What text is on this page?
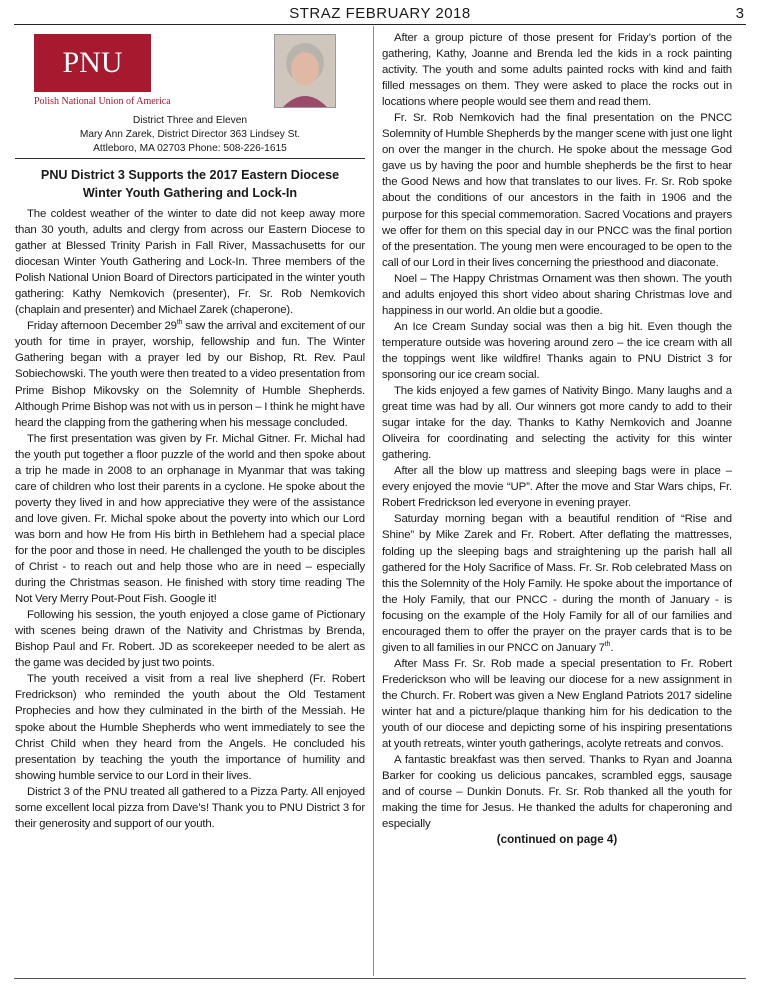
STRAZ FEBRUARY 2018	3
PNU
Polish National Union of America
District Three and Eleven
Mary Ann Zarek, District Director 363 Lindsey St.
Attleboro, MA 02703 Phone: 508-226-1615
PNU District 3 Supports the 2017 Eastern Diocese
Winter Youth Gathering and Lock-In

The coldest weather of the winter to date did not keep away more than 30 youth, adults and clergy from across our Eastern Diocese to gather at Blessed Trinity Parish in Fall River, Massachusetts for our diocesan Winter Youth Gathering and Lock-In. Three members of the Polish National Union Board of Directors participated in the winter youth gathering: Kathy Nemkovich (presenter), Fr. Sr. Rob Nemkovich (chaplain and presenter) and Michael Zarek (chaperone).

Friday afternoon December 29th saw the arrival and excitement of our youth for time in prayer, worship, fellowship and fun. The Winter Gathering began with a prayer led by our Bishop, Rt. Rev. Paul Sobiechowski. The youth were then treated to a video presentation from Prime Bishop Mikovsky on the Solemnity of Humble Shepherds. Although Prime Bishop was not with us in person – I think he might have heard the clapping from the gathering when his message concluded.

The first presentation was given by Fr. Michal Gitner. Fr. Michal had the youth put together a floor puzzle of the world and then spoke about a trip he made in 2008 to an orphanage in Myanmar that was taking care of children who lost their parents in a cyclone. He spoke about the poverty they lived in and how appreciative they were of the assistance and love given. Fr. Michal spoke about the poverty into which our Lord was born and how He from His birth in Bethlehem had a special place for the poor and those in need. He challenged the youth to be disciples of Christ - to reach out and help those who are in need – especially during the Christmas season. He finished with story time reading The Not Very Merry Pout-Pout Fish. Google it!

Following his session, the youth enjoyed a close game of Pictionary with scenes being drawn of the Nativity and Christmas by Brenda, Bishop Paul and Fr. Robert. JD as scorekeeper needed to be alert as the game was decided by just two points.

The youth received a visit from a real live shepherd (Fr. Robert Fredrickson) who reminded the youth about the Old Testament Prophecies and how they culminated in the birth of the Messiah. He spoke about the Humble Shepherds who went immediately to see the Christ Child when they heard from the Angels. He concluded his presentation by teaching the youth the importance of humility and showing humble service to our Lord in their lives.

District 3 of the PNU treated all gathered to a Pizza Party. All enjoyed some excellent local pizza from Dave’s! Thank you to PNU District 3 for their generosity and support of our youth.

After a group picture of those present for Friday’s portion of the gathering, Kathy, Joanne and Brenda led the kids in a rock painting activity. The youth and some adults painted rocks with kind and faith filled messages on them. They were asked to place the rocks out in locations where people would see them and read them.

Fr. Sr. Rob Nemkovich had the final presentation on the PNCC Solemnity of Humble Shepherds by the manger scene with just one light on over the manger in the church. He spoke about the message God gave us by having the poor and humble shepherds be the first to hear the Good News and how that translates to our lives. Fr. Sr. Rob spoke about the conditions of our ancestors in the faith in 1906 and the purpose for this special commemoration. Sacred Vocations and prayers we offer for them on this special day in our PNCC was the final portion of the presentation. The young men were encouraged to be open to the call of our Lord in their lives concerning the priesthood and diaconate.

Noel – The Happy Christmas Ornament was then shown. The youth and adults enjoyed this short video about sharing Christmas love and happiness in our world. An oldie but a goodie.

An Ice Cream Sunday social was then a big hit. Even though the temperature outside was hovering around zero – the ice cream with all the toppings went like wildfire! Thanks again to PNU District 3 for sponsoring our ice cream social.

The kids enjoyed a few games of Nativity Bingo. Many laughs and a great time was had by all. Our winners got more candy to add to their sugar intake for the day. Thanks to Kathy Nemkovich and Joanne Oliveira for coordinating and selecting the activity for this winter gathering.

After all the blow up mattress and sleeping bags were in place – every enjoyed the movie “UP”. After the move and Star Wars chips, Fr. Robert Fredrickson led everyone in evening prayer.

Saturday morning began with a beautiful rendition of “Rise and Shine” by Mike Zarek and Fr. Robert. After deflating the mattresses, folding up the sleeping bags and straightening up the parish hall all gathered for the Holy Sacrifice of Mass. Fr. Sr. Rob celebrated Mass on this the Solemnity of the Holy Family. He spoke about the importance of the Holy Family, that our PNCC - during the month of January - is focusing on the example of the Holy Family for all of our families and encouraged them to offer the prayer on the prayer cards that is to be given to all families in our PNCC on January 7th.

After Mass Fr. Sr. Rob made a special presentation to Fr. Robert Frederickson who will be leaving our diocese for a new assignment in the Church. Fr. Robert was given a New England Patriots 2017 sideline winter hat and a picture/plaque thanking him for his dedication to the youth of our diocese and depicting some of his inspiring presentations at youth retreats, winter youth gatherings, acolyte retreats and convos.

A fantastic breakfast was then served. Thanks to Ryan and Joanna Barker for cooking us delicious pancakes, scrambled eggs, sausage and of course – Dunkin Donuts. Fr. Sr. Rob thanked all the youth for making the time for Jesus. He thanked the adults for chaperoning and especially

(continued on page 4)
